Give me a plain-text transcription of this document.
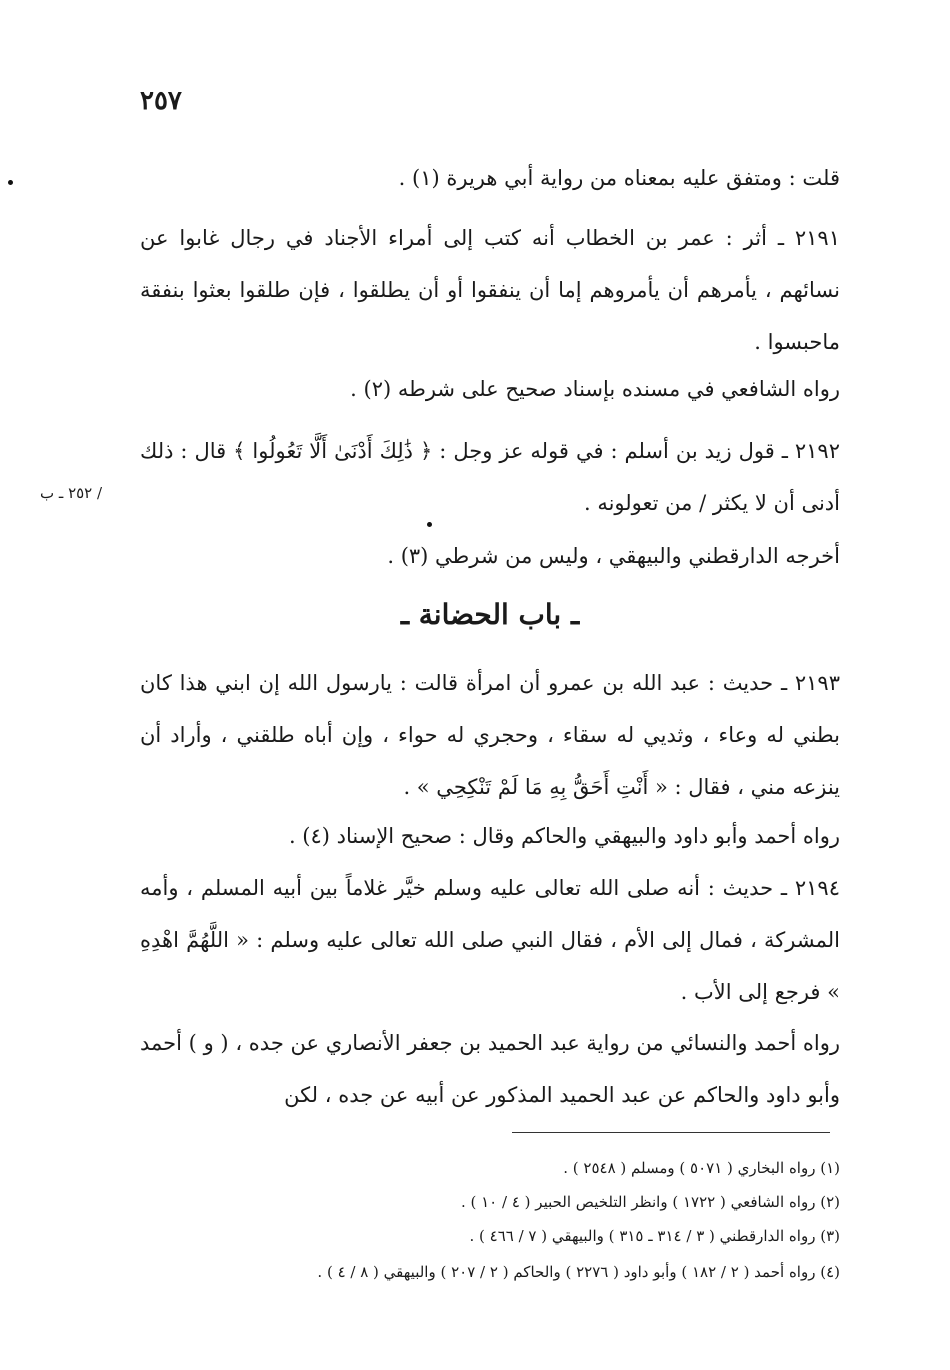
٢٥٧
/ ٢٥٢ ـ ب

قلت : ومتفق عليه بمعناه من رواية أبي هريرة (١) .

٢١٩١ ـ أثر : عمر بن الخطاب أنه كتب إلى أمراء الأجناد في رجال غابوا عن نسائهم ، يأمرهم أن يأمروهم إما أن ينفقوا أو أن يطلقوا ، فإن طلقوا بعثوا بنفقة ماحبسوا .

رواه الشافعي في مسنده بإسناد صحيح على شرطه (٢) .

٢١٩٢ ـ قول زيد بن أسلم : في قوله عز وجل : ﴿ ذَٰلِكَ أَدْنَىٰ أَلَّا تَعُولُوا ﴾ قال : ذلك أدنى أن لا يكثر / من تعولونه .

أخرجه الدارقطني والبيهقي ، وليس من شرطي (٣) .

ـ باب الحضانة ـ

٢١٩٣ ـ حديث : عبد الله بن عمرو أن امرأة قالت : يارسول الله إن ابني هذا كان بطني له وعاء ، وثديي له سقاء ، وحجري له حواء ، وإن أباه طلقني ، وأراد أن ينزعه مني ، فقال : « أَنْتِ أَحَقُّ بِهِ مَا لَمْ تَنْكِحِي » .

رواه أحمد وأبو داود والبيهقي والحاكم وقال : صحيح الإسناد (٤) .

٢١٩٤ ـ حديث : أنه صلى الله تعالى عليه وسلم خيَّر غلاماً بين أبيه المسلم ، وأمه المشركة ، فمال إلى الأم ، فقال النبي صلى الله تعالى عليه وسلم : « اللَّهُمَّ اهْدِهِ » فرجع إلى الأب .

رواه أحمد والنسائي من رواية عبد الحميد بن جعفر الأنصاري عن جده ، ( و ) أحمد وأبو داود والحاكم عن عبد الحميد المذكور عن أبيه عن جده ، لكن

(١) رواه البخاري ( ٥٠٧١ ) ومسلم ( ٢٥٤٨ ) .

(٢) رواه الشافعي ( ١٧٢٢ ) وانظر التلخيص الحبير ( ٤ / ١٠ ) .

(٣) رواه الدارقطني ( ٣ / ٣١٤ ـ ٣١٥ ) والبيهقي ( ٧ / ٤٦٦ ) .

(٤) رواه أحمد ( ٢ / ١٨٢ ) وأبو داود ( ٢٢٧٦ ) والحاكم ( ٢ / ٢٠٧ ) والبيهقي ( ٨ / ٤ ) .
